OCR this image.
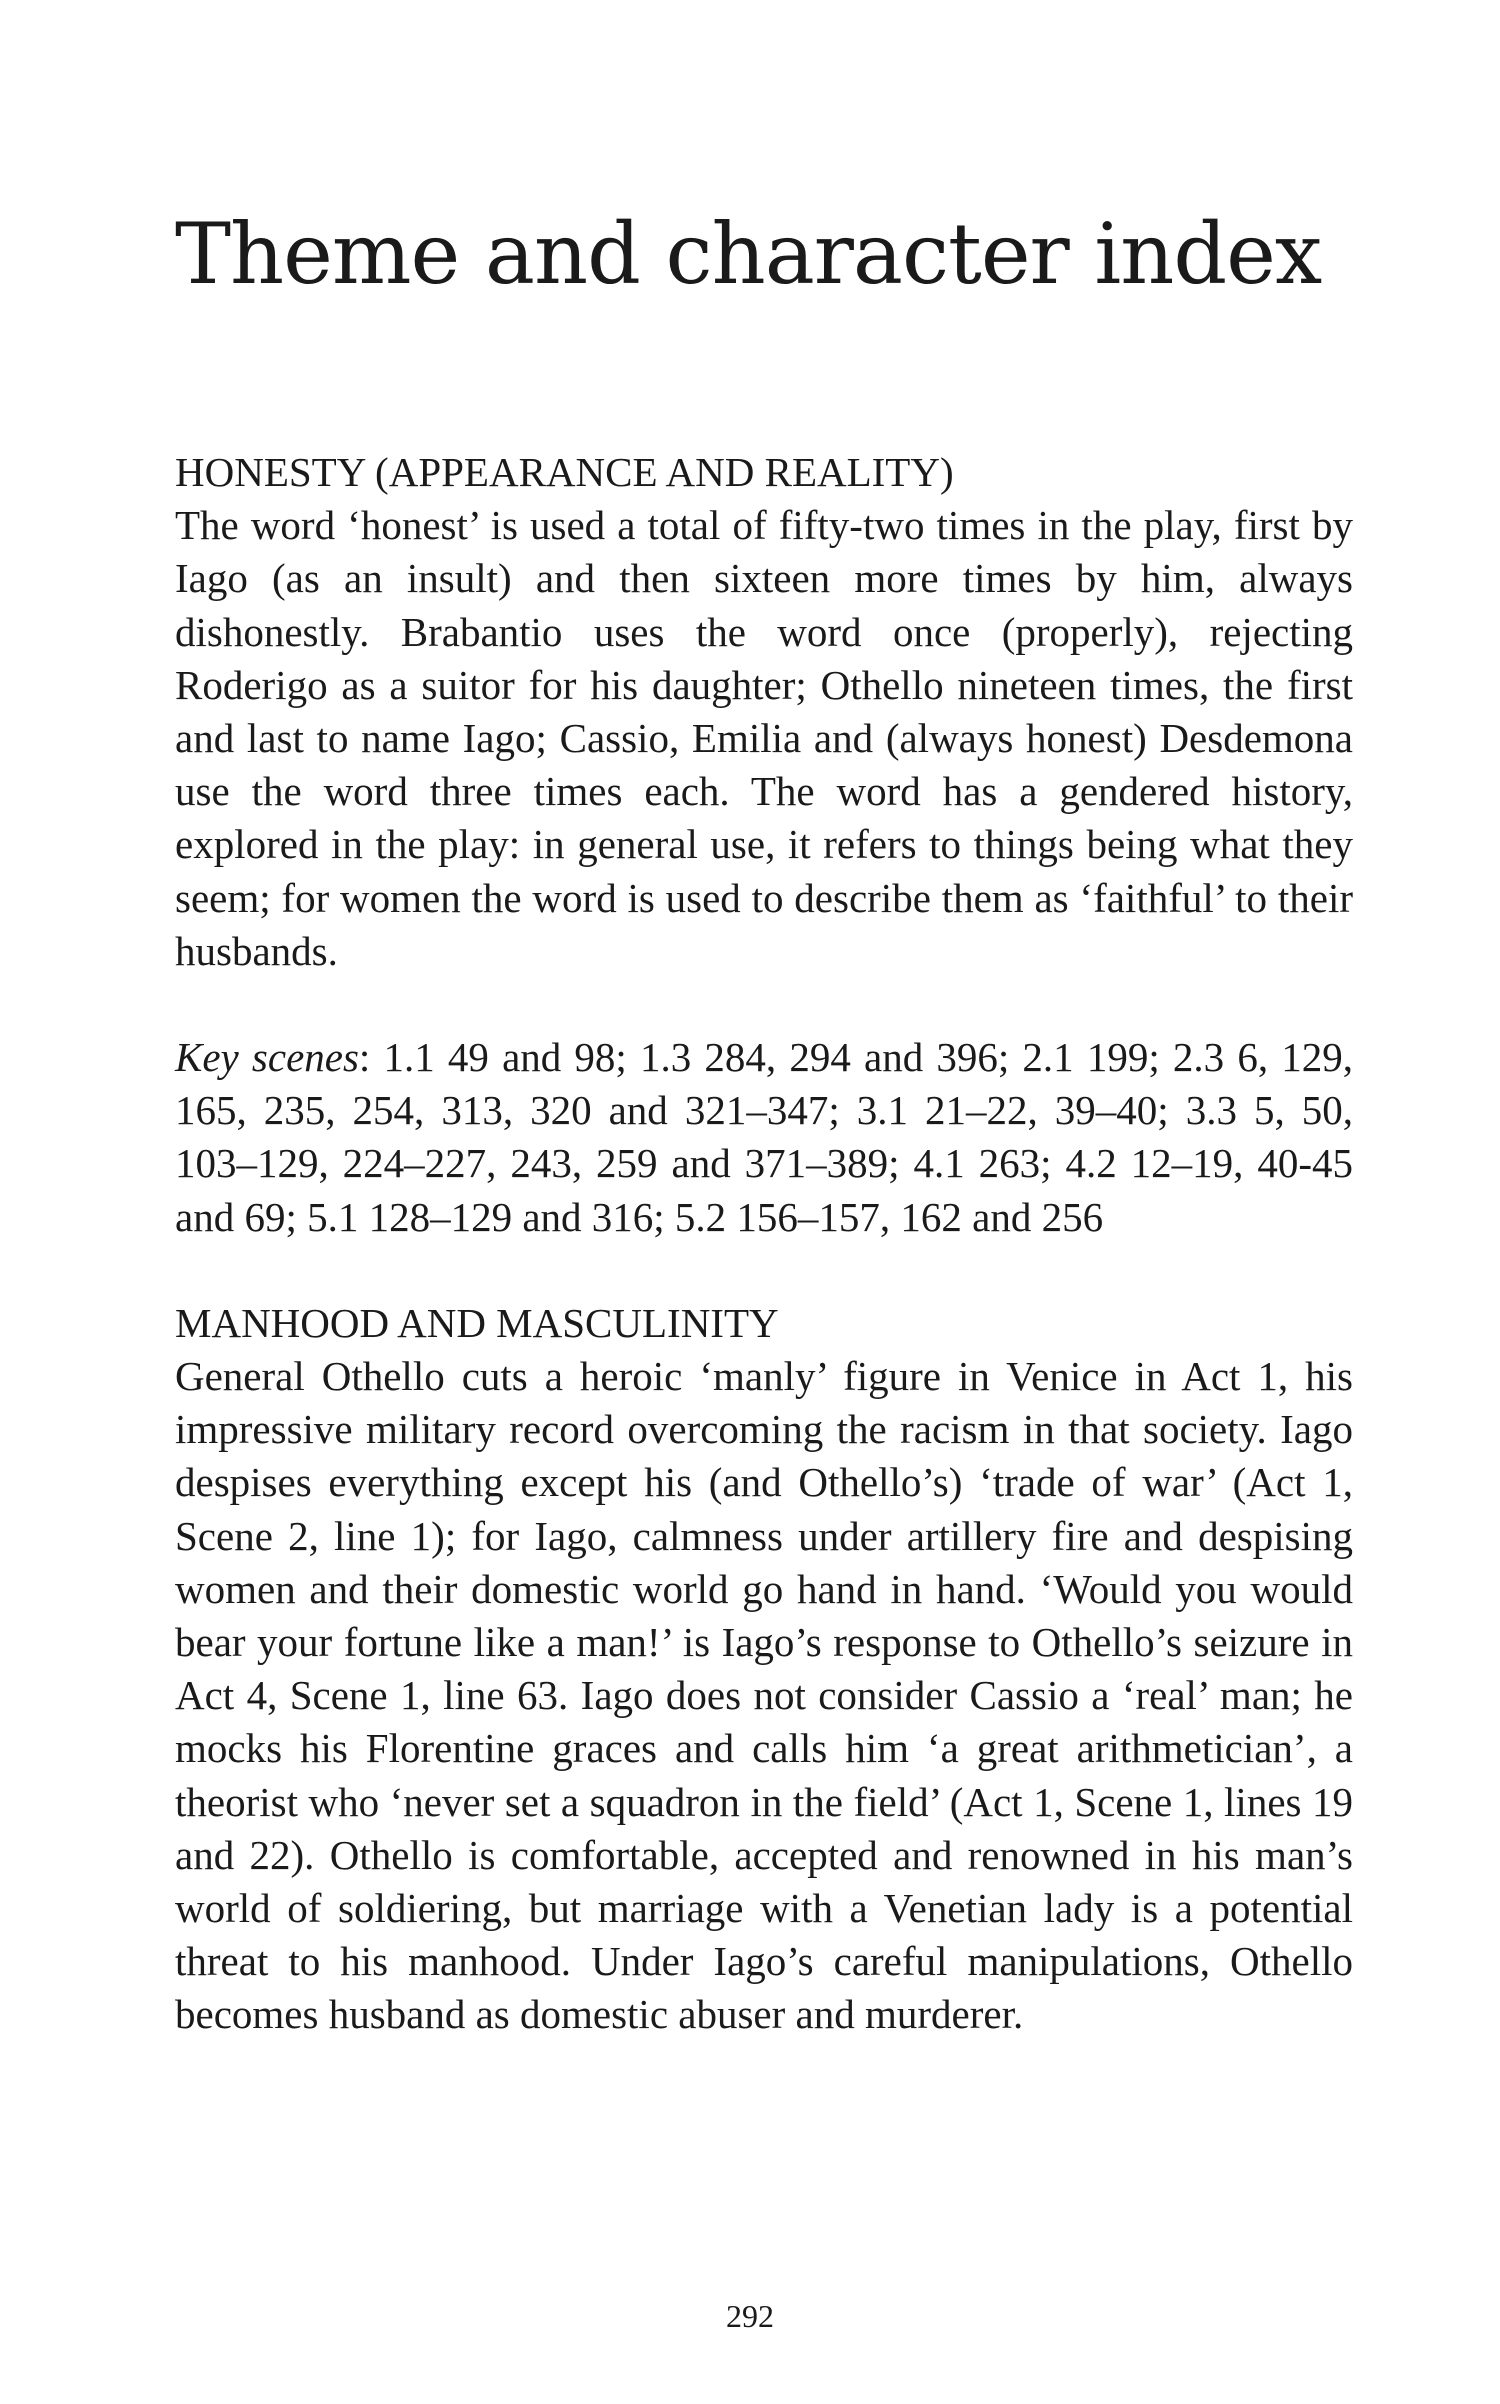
Theme and character index
HONESTY (APPEARANCE AND REALITY)

The word ‘honest’ is used a total of fifty-two times in the play, first by Iago (as an insult) and then sixteen more times by him, always dishonestly. Brabantio uses the word once (properly), rejecting Roderigo as a suitor for his daughter; Othello nineteen times, the first and last to name Iago; Cassio, Emilia and (always honest) Desdemona use the word three times each. The word has a gendered history, explored in the play: in general use, it refers to things being what they seem; for women the word is used to describe them as ‘faithful’ to their husbands.

Key scenes: 1.1 49 and 98; 1.3 284, 294 and 396; 2.1 199; 2.3 6, 129, 165, 235, 254, 313, 320 and 321–347; 3.1 21–22, 39–40; 3.3 5, 50, 103–129, 224–227, 243, 259 and 371–389; 4.1 263; 4.2 12–19, 40-45 and 69; 5.1 128–129 and 316; 5.2 156–157, 162 and 256

MANHOOD AND MASCULINITY

General Othello cuts a heroic ‘manly’ figure in Venice in Act 1, his impressive military record overcoming the racism in that society. Iago despises everything except his (and Othello’s) ‘trade of war’ (Act 1, Scene 2, line 1); for Iago, calmness under artillery fire and despising women and their domestic world go hand in hand. ‘Would you would bear your fortune like a man!’ is Iago’s response to Othello’s seizure in Act 4, Scene 1, line 63. Iago does not consider Cassio a ‘real’ man; he mocks his Florentine graces and calls him ‘a great arithmetician’, a theorist who ‘never set a squadron in the field’ (Act 1, Scene 1, lines 19 and 22). Othello is comfortable, accepted and renowned in his man’s world of soldiering, but marriage with a Venetian lady is a potential threat to his manhood. Under Iago’s careful manipulations, Othello becomes husband as domestic abuser and murderer.

292
